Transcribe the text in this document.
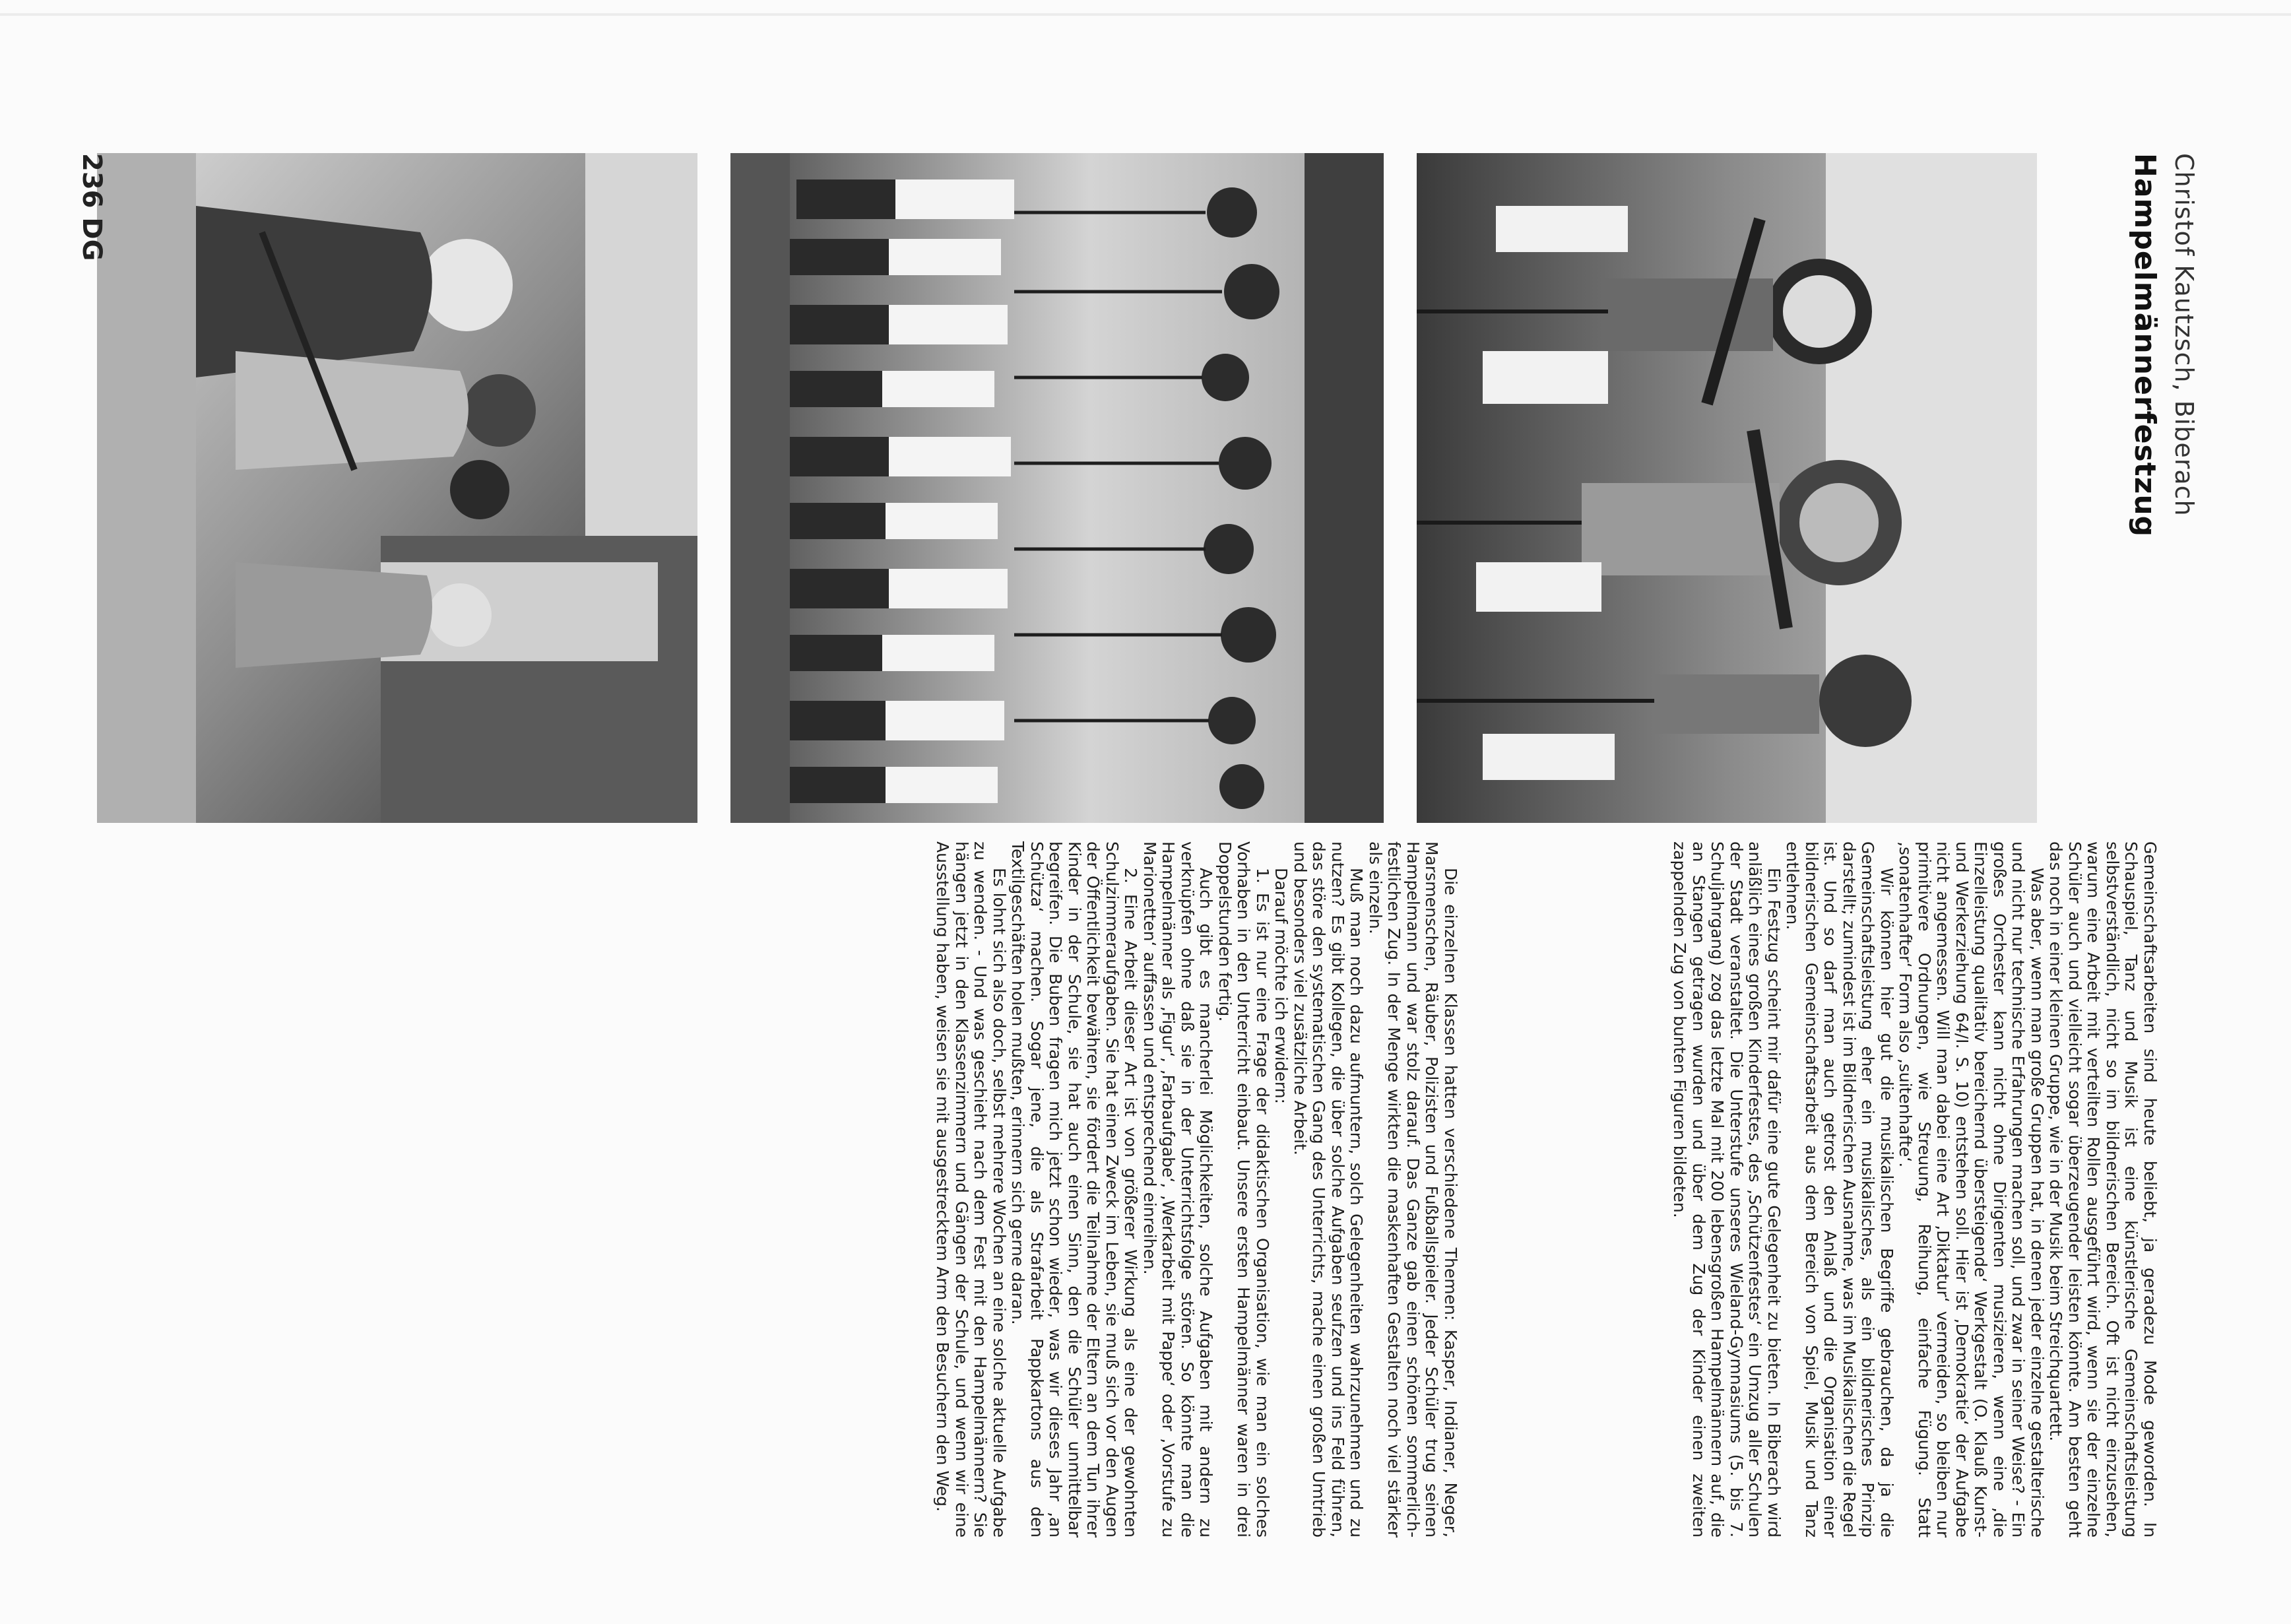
Christof Kautzsch, Biberach
Hampelmännerfestzug

Gemeinschaftsarbeiten sind heute beliebt, ja geradezu Mode geworden. In Schauspiel, Tanz und Musik ist eine künstlerische Gemeinschaftsleistung selbstverständlich, nicht so im bildnerischen Bereich. Oft ist nicht einzusehen, warum eine Arbeit mit verteilten Rollen ausgeführt wird, wenn sie der einzelne Schüler auch und vielleicht sogar überzeugender leisten könnte. Am besten geht das noch in einer kleinen Gruppe, wie in der Musik beim Streichquartett.

Was aber, wenn man große Gruppen hat, in denen jeder einzelne gestalterische und nicht nur technische Erfahrungen machen soll, und zwar in seiner Weise? - Ein großes Orchester kann nicht ohne Dirigenten musizieren, wenn eine ‚die Einzelleistung qualitativ bereichernd übersteigende‘ Werkgestalt (O. Klauß Kunst- und Werkerziehung 64/I. S. 10) entstehen soll. Hier ist ‚Demokratie‘ der Aufgabe nicht angemessen. Will man dabei eine Art ‚Diktatur‘ vermeiden, so bleiben nur primitivere Ordnungen, wie Streuung, Reihung, einfache Fügung. Statt ‚sonatenhafter‘ Form also ‚suitenhafte‘.

Wir können hier gut die musikalischen Begriffe gebrauchen, da ja die Gemeinschaftsleistung eher ein musikalisches, als ein bildnerisches Prinzip darstellt; zumindest ist im Bildnerischen Ausnahme, was im Musikalischen die Regel ist. Und so darf man auch getrost den Anlaß und die Organisation einer bildnerischen Gemeinschaftsarbeit aus dem Bereich von Spiel, Musik und Tanz entlehnen.

Ein Festzug scheint mir dafür eine gute Gelegenheit zu bieten. In Biberach wird anläßlich eines großen Kinderfestes, des ‚Schützenfestes‘ ein Umzug aller Schulen der Stadt veranstaltet. Die Unterstufe unseres Wieland-Gymnasiums (5. bis 7. Schuljahrgang) zog das letzte Mal mit 200 lebensgroßen Hampelmännern auf, die an Stangen getragen wurden und über dem Zug der Kinder einen zweiten zappelnden Zug von bunten Figuren bildeten.

Die einzelnen Klassen hatten verschiedene Themen: Kasper, Indianer, Neger, Marsmenschen, Räuber, Polizisten und Fußballspieler. Jeder Schüler trug seinen Hampelmann und war stolz darauf. Das Ganze gab einen schönen sommerlich-festlichen Zug. In der Menge wirkten die maskenhaften Gestalten noch viel stärker als einzeln.

Muß man noch dazu aufmuntern, solch Gelegenheiten wahrzunehmen und zu nutzen? Es gibt Kollegen, die über solche Aufgaben seufzen und ins Feld führen, das störe den systematischen Gang des Unterrichts, mache einen großen Umtrieb und besonders viel zusätzliche Arbeit.

Darauf möchte ich erwidern:

1. Es ist nur eine Frage der didaktischen Organisation, wie man ein solches Vorhaben in den Unterricht einbaut. Unsere ersten Hampelmänner waren in drei Doppelstunden fertig.

Auch gibt es mancherlei Möglichkeiten, solche Aufgaben mit andern zu verknüpfen ohne daß sie in der Unterrichtsfolge stören. So könnte man die Hampelmänner als ‚Figur‘, ‚Farbaufgabe‘, ‚Werkarbeit mit Pappe‘ oder ‚Vorstufe zu Marionetten‘ auffassen und entsprechend einreihen.

2. Eine Arbeit dieser Art ist von größerer Wirkung als eine der gewohnten Schulzimmeraufgaben. Sie hat einen Zweck im Leben, sie muß sich vor den Augen der Öffentlichkeit bewähren, sie fördert die Teilnahme der Eltern an dem Tun ihrer Kinder in der Schule, sie hat auch einen Sinn, den die Schüler unmittelbar begreifen. Die Buben fragen mich jetzt schon wieder, was wir dieses Jahr ‚an Schütza‘ machen. Sogar jene, die als Strafarbeit Pappkartons aus den Textilgeschäften holen mußten, erinnern sich gerne daran.

Es lohnt sich also doch, selbst mehrere Wochen an eine solche aktuelle Aufgabe zu wenden. - Und was geschieht nach dem Fest mit den Hampelmännern? Sie hängen jetzt in den Klassenzimmern und Gängen der Schule, und wenn wir eine Ausstellung haben, weisen sie mit ausgestrecktem Arm den Besuchern den Weg.

236 DG
